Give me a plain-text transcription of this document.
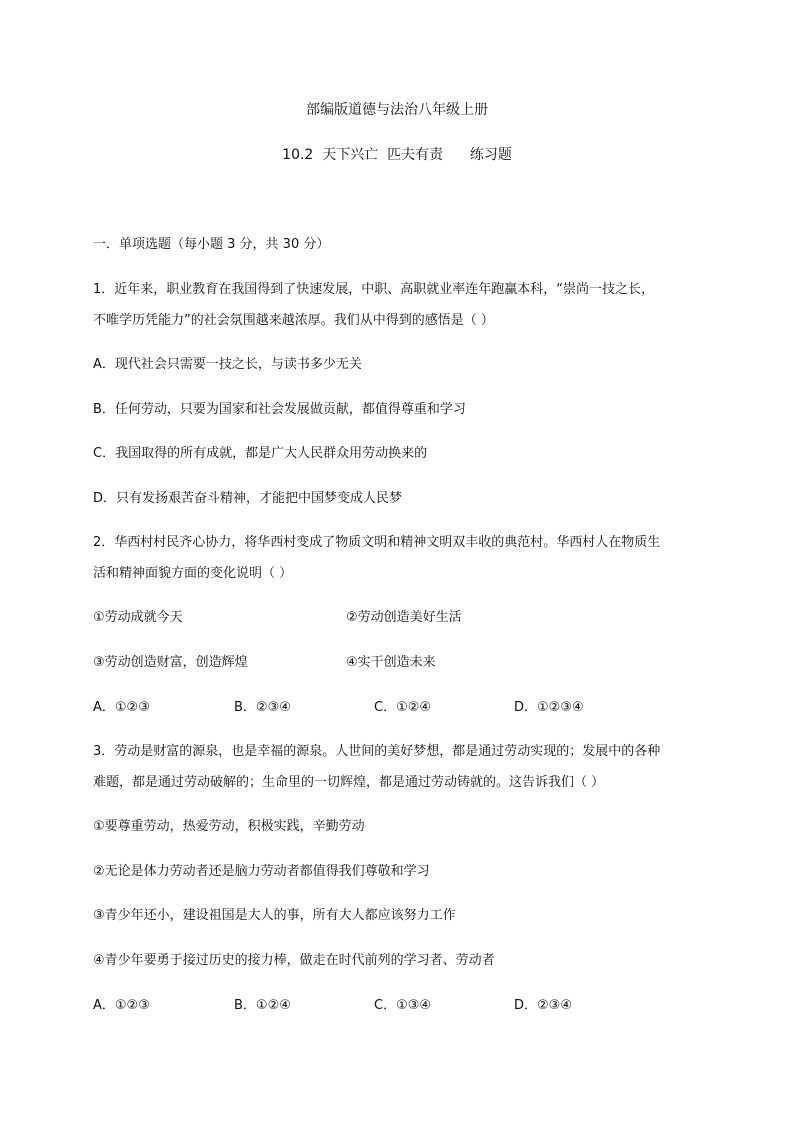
部编版道德与法治八年级上册
10.2  天下兴亡  匹夫有责      练习题
一．单项选题（每小题 3 分，共 30 分）
1．近年来，职业教育在我国得到了快速发展，中职、高职就业率连年跑赢本科，“崇尚一技之长，
不唯学历凭能力”的社会氛围越来越浓厚。我们从中得到的感悟是（ ）
A．现代社会只需要一技之长，与读书多少无关
B．任何劳动，只要为国家和社会发展做贡献，都值得尊重和学习
C．我国取得的所有成就，都是广大人民群众用劳动换来的
D．只有发扬艰苦奋斗精神，才能把中国梦变成人民梦
2．华西村村民齐心协力，将华西村变成了物质文明和精神文明双丰收的典范村。华西村人在物质生
活和精神面貌方面的变化说明（ ）
①劳动成就今天	②劳动创造美好生活
③劳动创造财富，创造辉煌	④实干创造未来
A．①②③	B．②③④	C．①②④	D．①②③④
3．劳动是财富的源泉，也是幸福的源泉。人世间的美好梦想，都是通过劳动实现的；发展中的各种
难题，都是通过劳动破解的；生命里的一切辉煌，都是通过劳动铸就的。这告诉我们（ ）
①要尊重劳动，热爱劳动，积极实践，辛勤劳动
②无论是体力劳动者还是脑力劳动者都值得我们尊敬和学习
③青少年还小，建设祖国是大人的事，所有大人都应该努力工作
④青少年要勇于接过历史的接力棒，做走在时代前列的学习者、劳动者
A．①②③	B．①②④	C．①③④	D．②③④
